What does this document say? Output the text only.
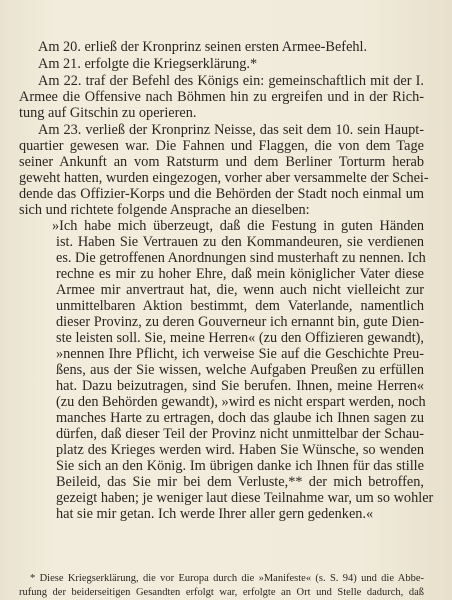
Am 20. erließ der Kronprinz seinen ersten Armee-Befehl.
Am 21. erfolgte die Kriegserklärung.*
Am 22. traf der Befehl des Königs ein: gemeinschaftlich mit der I.
Armee die Offensive nach Böhmen hin zu ergreifen und in der Rich-
tung auf Gitschin zu operieren.
Am 23. verließ der Kronprinz Neisse, das seit dem 10. sein Haupt-
quartier gewesen war. Die Fahnen und Flaggen, die von dem Tage
seiner Ankunft an vom Ratsturm und dem Berliner Torturm herab
geweht hatten, wurden eingezogen, vorher aber versammelte der Schei-
dende das Offizier-Korps und die Behörden der Stadt noch einmal um
sich und richtete folgende Ansprache an dieselben:
»Ich habe mich überzeugt, daß die Festung in guten Händen
ist. Haben Sie Vertrauen zu den Kommandeuren, sie verdienen
es. Die getroffenen Anordnungen sind musterhaft zu nennen. Ich
rechne es mir zu hoher Ehre, daß mein königlicher Vater diese
Armee mir anvertraut hat, die, wenn auch nicht vielleicht zur
unmittelbaren Aktion bestimmt, dem Vaterlande, namentlich
dieser Provinz, zu deren Gouverneur ich ernannt bin, gute Dien-
ste leisten soll. Sie, meine Herren« (zu den Offizieren gewandt),
»nennen Ihre Pflicht, ich verweise Sie auf die Geschichte Preu-
ßens, aus der Sie wissen, welche Aufgaben Preußen zu erfüllen
hat. Dazu beizutragen, sind Sie berufen. Ihnen, meine Herren«
(zu den Behörden gewandt), »wird es nicht erspart werden, noch
manches Harte zu ertragen, doch das glaube ich Ihnen sagen zu
dürfen, daß dieser Teil der Provinz nicht unmittelbar der Schau-
platz des Krieges werden wird. Haben Sie Wünsche, so wenden
Sie sich an den König. Im übrigen danke ich Ihnen für das stille
Beileid, das Sie mir bei dem Verluste,** der mich betroffen,
gezeigt haben; je weniger laut diese Teilnahme war, um so wohler
hat sie mir getan. Ich werde Ihrer aller gern gedenken.«
* Diese Kriegserklärung, die vor Europa durch die »Manifeste« (s. S. 94) und die Abbe-
rufung der beiderseitigen Gesandten erfolgt war, erfolgte an Ort und Stelle dadurch, daß
